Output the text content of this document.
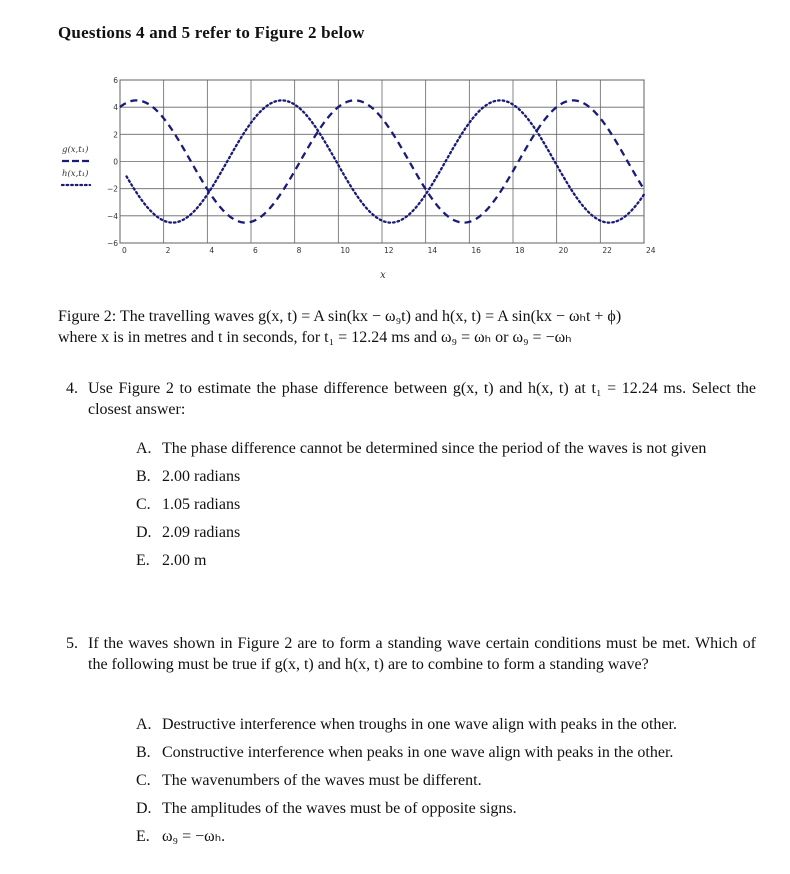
Questions 4 and 5 refer to Figure 2 below
6
4
2
0
−2
−4
−6
0	2	4	6	8	10	12	14	16	18	20	22	24
g(x,t₁)
h(x,t₁)
x
Figure 2: The travelling waves g(x, t) = A sin(kx − ω₉t) and h(x, t) = A sin(kx − ωₕt + ϕ)
where x is in metres and t in seconds, for t₁ = 12.24 ms and ω₉ = ωₕ or ω₉ = −ωₕ
4. Use Figure 2 to estimate the phase difference between g(x, t) and h(x, t) at t₁ = 12.24 ms. Select the closest answer:
A. The phase difference cannot be determined since the period of the waves is not given
B. 2.00 radians
C. 1.05 radians
D. 2.09 radians
E. 2.00 m
5. If the waves shown in Figure 2 are to form a standing wave certain conditions must be met. Which of the following must be true if g(x, t) and h(x, t) are to combine to form a standing wave?
A. Destructive interference when troughs in one wave align with peaks in the other.
B. Constructive interference when peaks in one wave align with peaks in the other.
C. The wavenumbers of the waves must be different.
D. The amplitudes of the waves must be of opposite signs.
E. ω₉ = −ωₕ.
